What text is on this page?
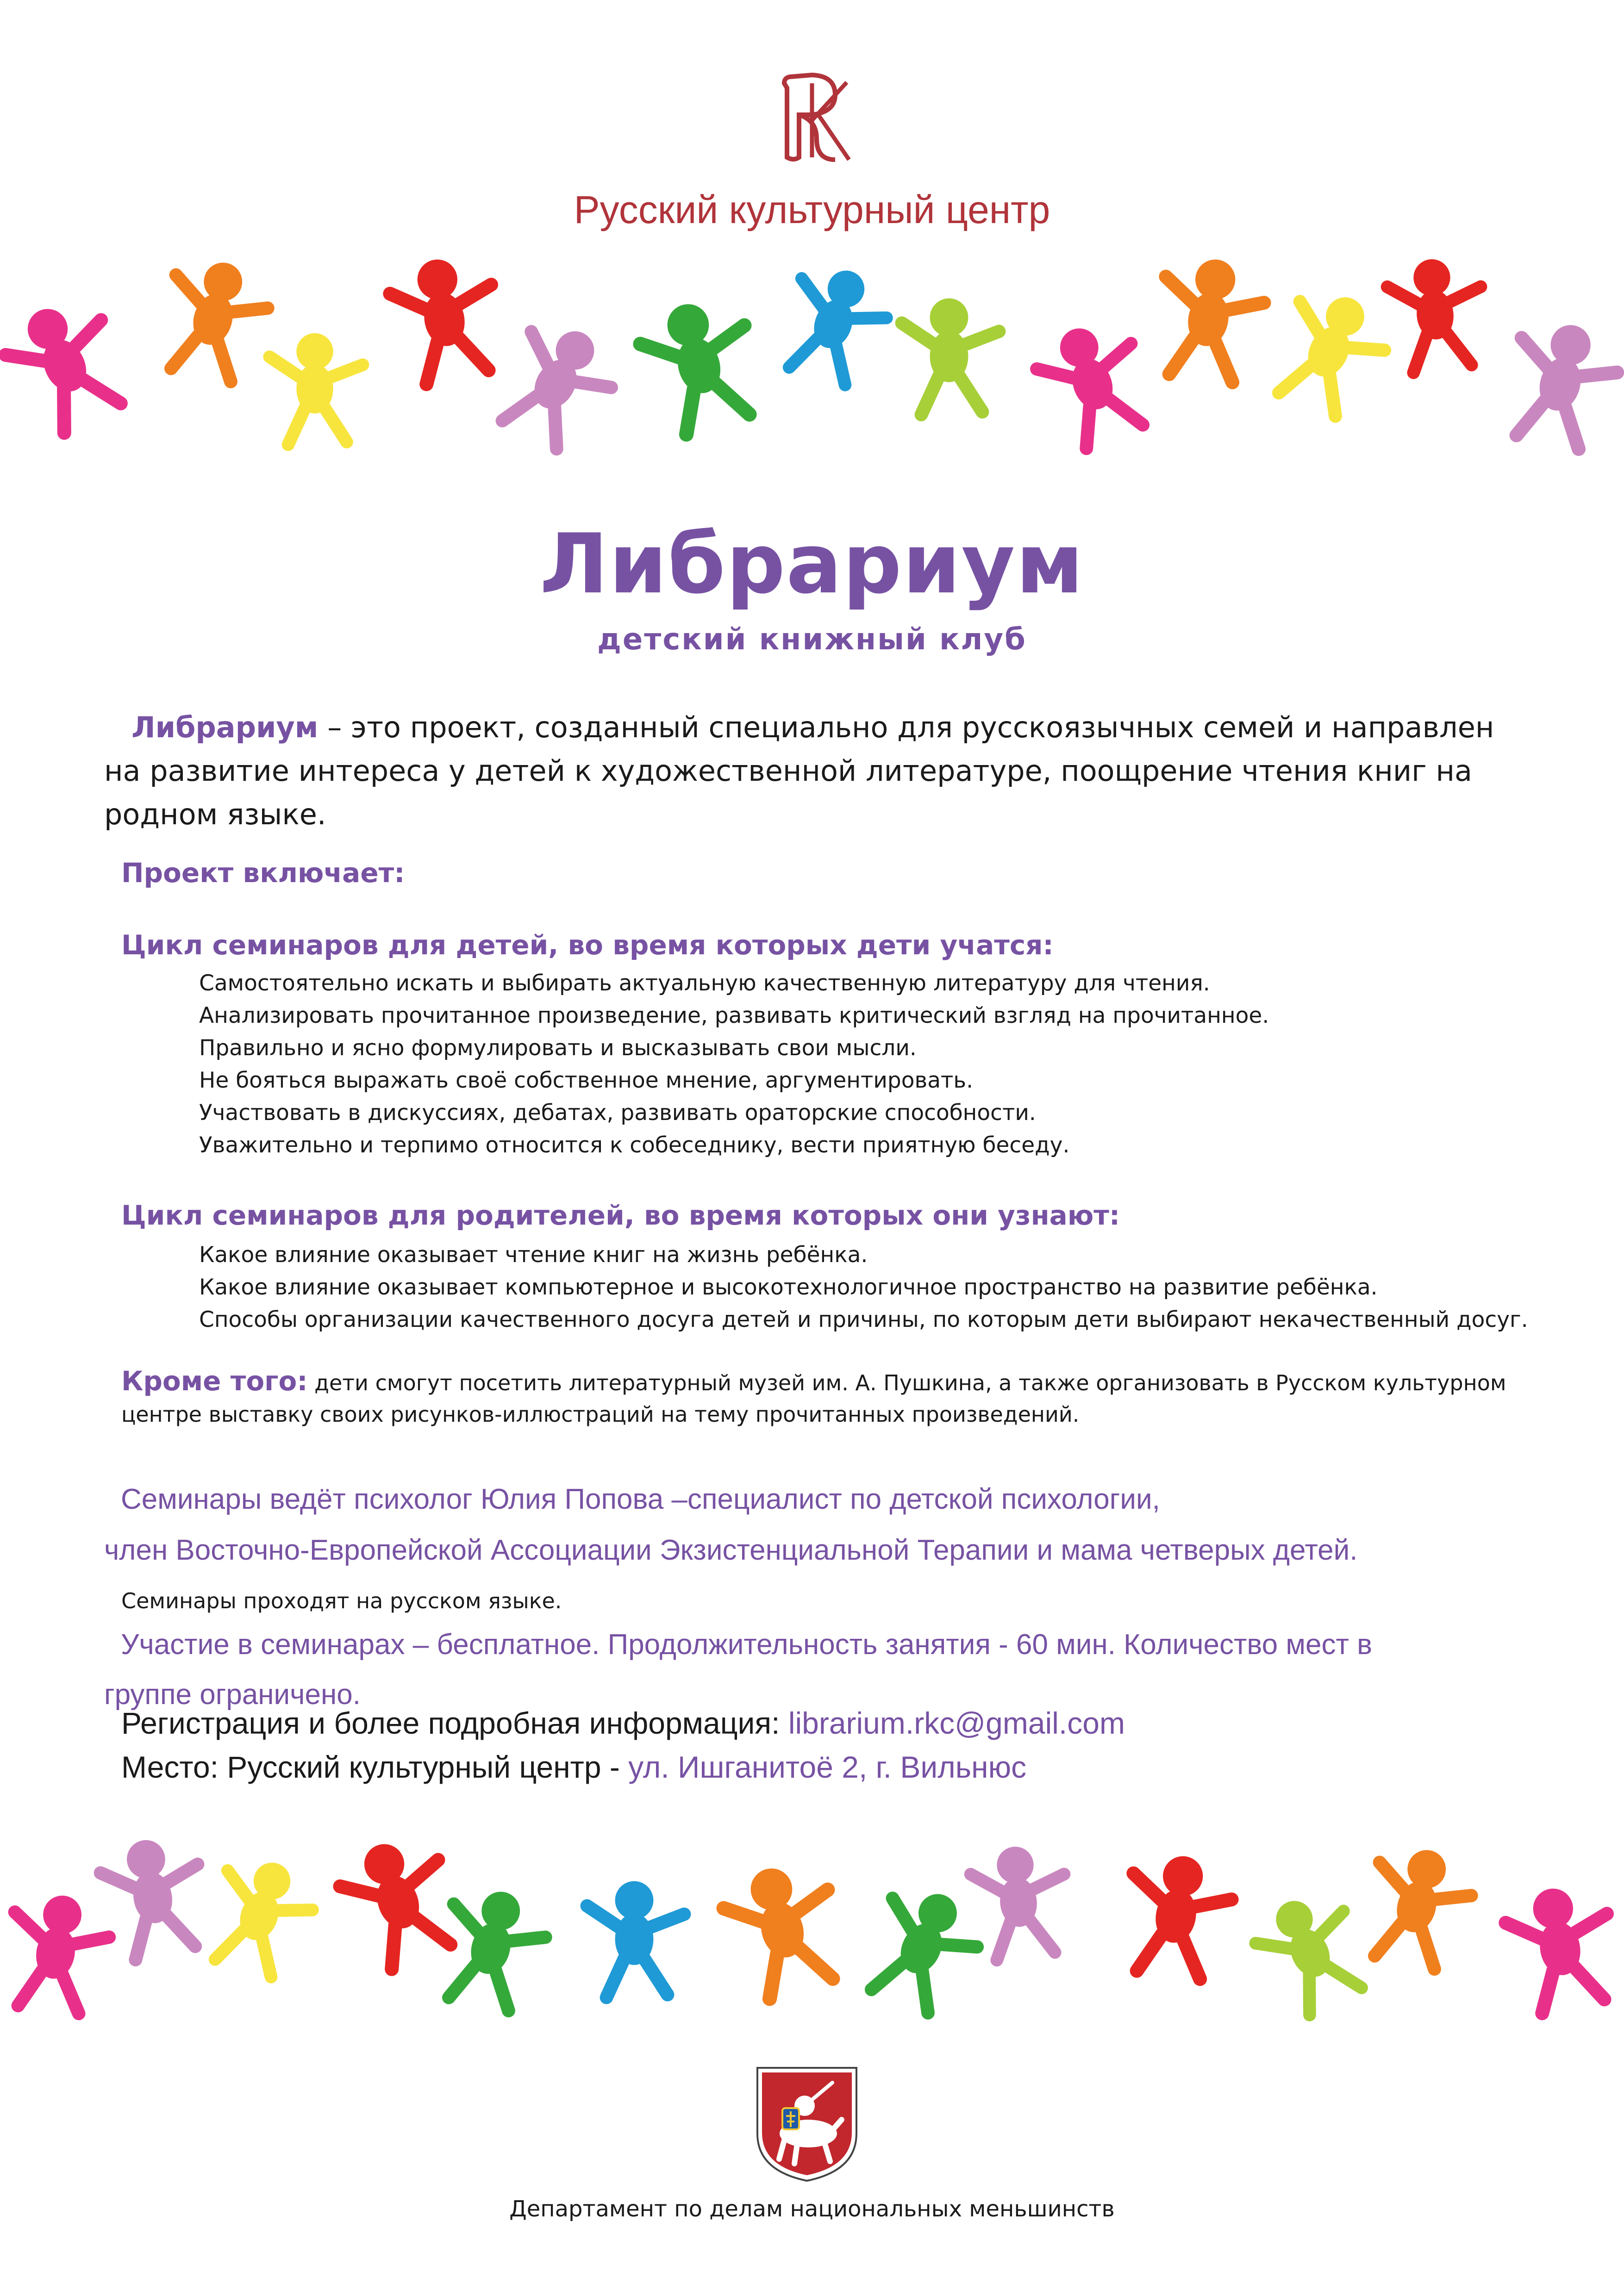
Русский культурный центр
Либрариум
детский книжный клуб
Либрариум – это проект, созданный специально для русскоязычных семей и направлен на развитие интереса у детей к художественной литературе, поощрение чтения книг на родном языке.
Проект включает:
Цикл семинаров для детей, во время которых дети учатся:
Самостоятельно искать и выбирать актуальную качественную литературу для чтения.
Анализировать прочитанное произведение, развивать критический взгляд на прочитанное.
Правильно и ясно формулировать и высказывать свои мысли.
Не бояться выражать своё собственное мнение, аргументировать.
Участвовать в дискуссиях, дебатах, развивать ораторские способности.
Уважительно и терпимо относится к собеседнику, вести приятную беседу.
Цикл семинаров для родителей, во время которых они узнают:
Какое влияние оказывает чтение книг на жизнь ребёнка.
Какое влияние оказывает компьютерное и высокотехнологичное пространство на развитие ребёнка.
Способы организации качественного досуга детей и причины, по которым дети выбирают некачественный досуг.
Кроме того: дети смогут посетить литературный музей им. А. Пушкина, а также организовать в Русском культурном центре выставку своих рисунков-иллюстраций на тему прочитанных произведений.
Семинары ведёт психолог Юлия Попова –специалист по детской психологии,
член Восточно-Европейской Ассоциации Экзистенциальной Терапии и мама четверых детей.
Семинары проходят на русском языке.
Участие в семинарах – бесплатное. Продолжительность занятия - 60 мин. Количество мест в
группе ограничено.
Регистрация и более подробная информация: librarium.rkc@gmail.com
Место: Русский культурный центр - ул. Ишганитоё 2, г. Вильнюс
Департамент по делам национальных меньшинств
